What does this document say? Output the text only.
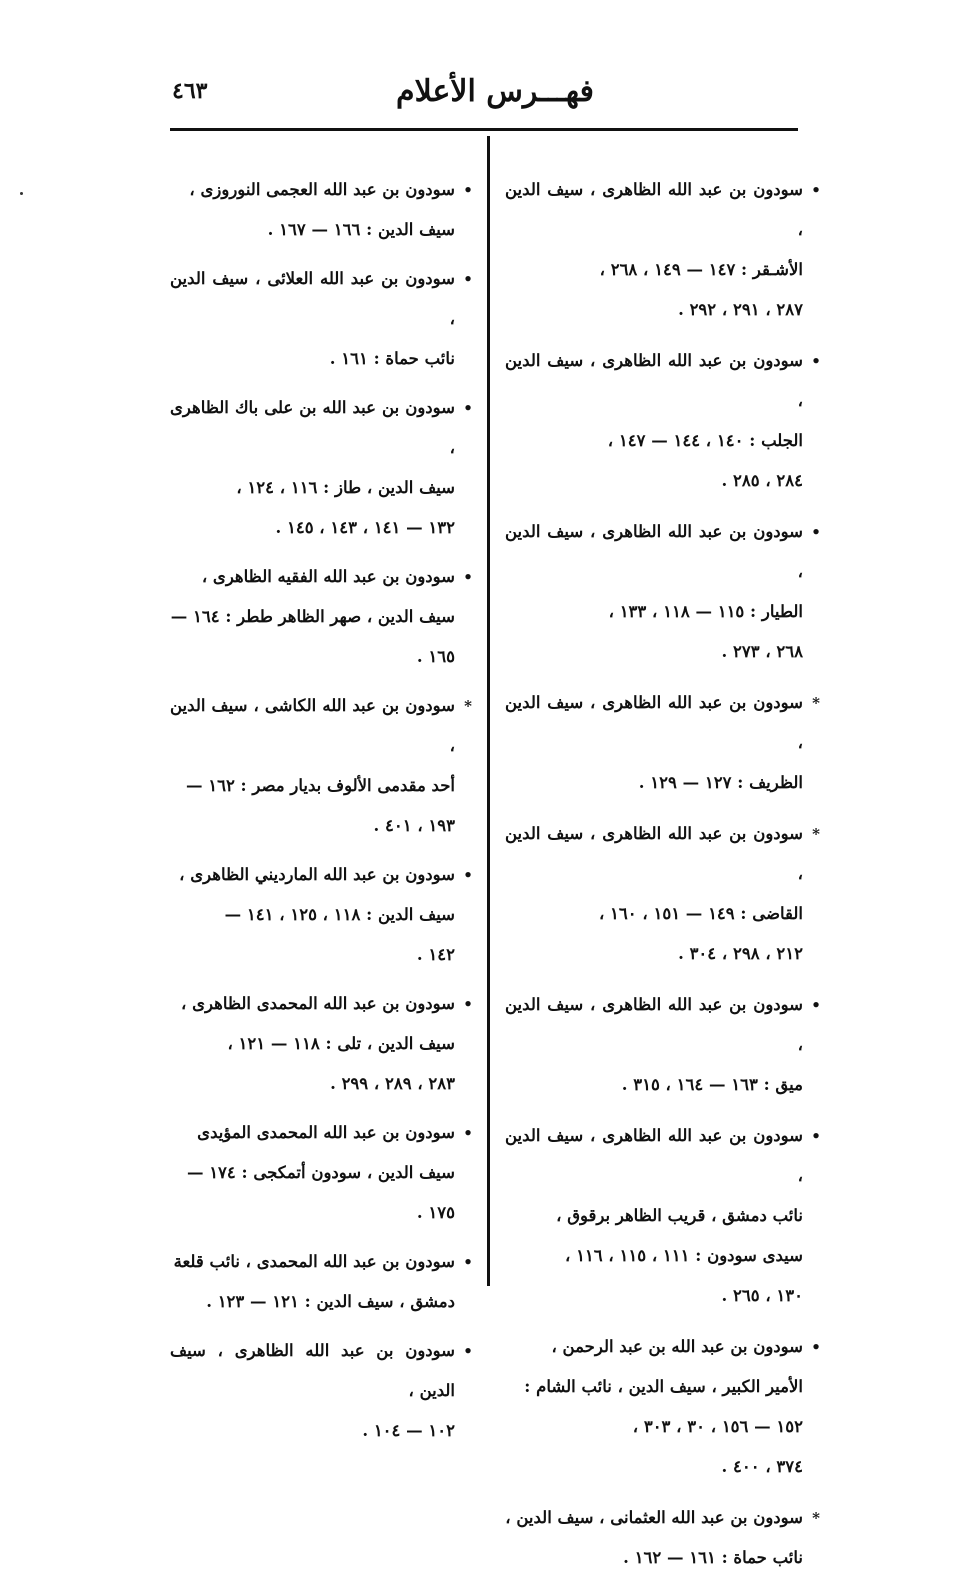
٤٦٣	فهـــرس الأعلام
•
سودون بن عبد الله الظاهرى ، سيف الدين ،
الأشـقر : ١٤٧ — ١٤٩ ، ٢٦٨ ،
٢٨٧ ، ٢٩١ ، ٢٩٢ .
•
سودون بن عبد الله الظاهرى ، سيف الدين ،
الجلب : ١٤٠ ، ١٤٤ — ١٤٧ ،
٢٨٤ ، ٢٨٥ .
•
سودون بن عبد الله الظاهرى ، سيف الدين ،
الطيار : ١١٥ — ١١٨ ، ١٣٣ ،
٢٦٨ ، ٢٧٣ .
*
سودون بن عبد الله الظاهرى ، سيف الدين ،
الظريف : ١٢٧ — ١٢٩ .
*
سودون بن عبد الله الظاهرى ، سيف الدين ،
القاضى : ١٤٩ — ١٥١ ، ١٦٠ ،
٢١٢ ، ٢٩٨ ، ٣٠٤ .
•
سودون بن عبد الله الظاهرى ، سيف الدين ،
ميق : ١٦٣ — ١٦٤ ، ٣١٥ .
•
سودون بن عبد الله الظاهرى ، سيف الدين ،
نائب دمشق ، قريب الظاهر برقوق ،
سيدى سودون : ١١١ ، ١١٥ ، ١١٦ ،
١٣٠ ، ٢٦٥ .
•
سودون بن عبد الله بن عبد الرحمن ،
الأمير الكبير ، سيف الدين ، نائب الشام :
١٥٢ — ١٥٦ ، ٣٠ ، ٣٠٣ ،
٣٧٤ ، ٤٠٠ .
*
سودون بن عبد الله العثمانى ، سيف الدين ،
نائب حماة : ١٦١ — ١٦٢ .
•
سودون بن عبد الله العجمى النوروزى ،
سيف الدين : ١٦٦ — ١٦٧ .
•
سودون بن عبد الله العلائى ، سيف الدين ،
نائب حماة : ١٦١ .
•
سودون بن عبد الله بن على باك الظاهرى ،
سيف الدين ، طاز : ١١٦ ، ١٢٤ ،
١٣٢ — ١٤١ ، ١٤٣ ، ١٤٥ .
•
سودون بن عبد الله الفقيه الظاهرى ،
سيف الدين ، صهر الظاهر ططر : ١٦٤ —
١٦٥ .
*
سودون بن عبد الله الكاشى ، سيف الدين ،
أحد مقدمى الألوف بديار مصر : ١٦٢ —
١٩٣ ، ٤٠١ .
•
سودون بن عبد الله المارديني الظاهرى ،
سيف الدين : ١١٨ ، ١٢٥ ، ١٤١ —
١٤٢ .
•
سودون بن عبد الله المحمدى الظاهرى ،
سيف الدين ، تلى : ١١٨ — ١٢١ ،
٢٨٣ ، ٢٨٩ ، ٢٩٩ .
•
سودون بن عبد الله المحمدى المؤيدى
سيف الدين ، سودون أتمكجى : ١٧٤ —
١٧٥ .
•
سودون بن عبد الله المحمدى ، نائب قلعة
دمشق ، سيف الدين : ١٢١ — ١٢٣ .
•
سودون بن عبد الله الظاهرى ، سيف الدين ،
١٠٢ — ١٠٤ .
